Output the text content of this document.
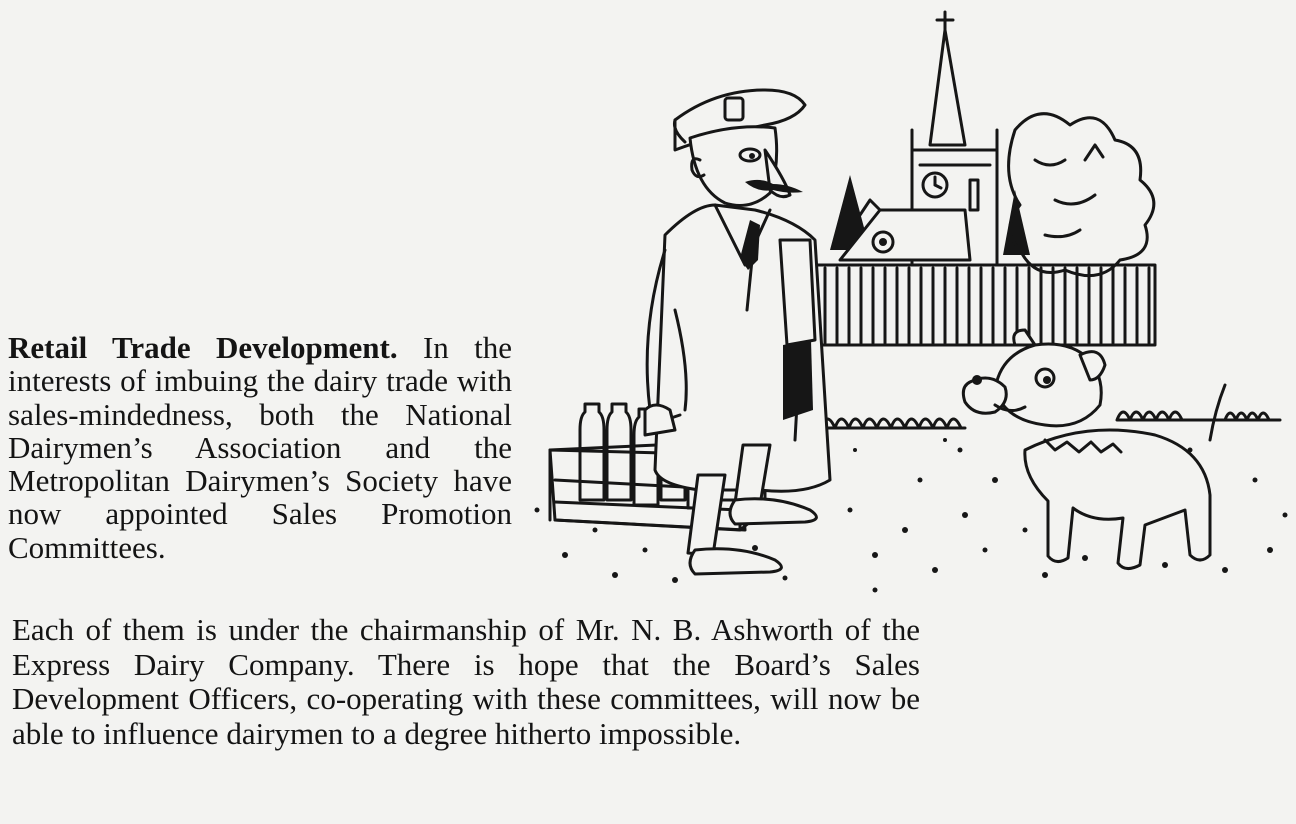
Retail Trade Development. In the interests of imbuing the dairy trade with sales-mindedness, both the National Dairymen’s Association and the Metropolitan Dairymen’s Society have now appointed Sales Promotion Committees.
Each of them is under the chairmanship of Mr. N. B. Ashworth of the Express Dairy Company. There is hope that the Board’s Sales Development Officers, co-operating with these committees, will now be able to influence dairymen to a degree hitherto impossible.
